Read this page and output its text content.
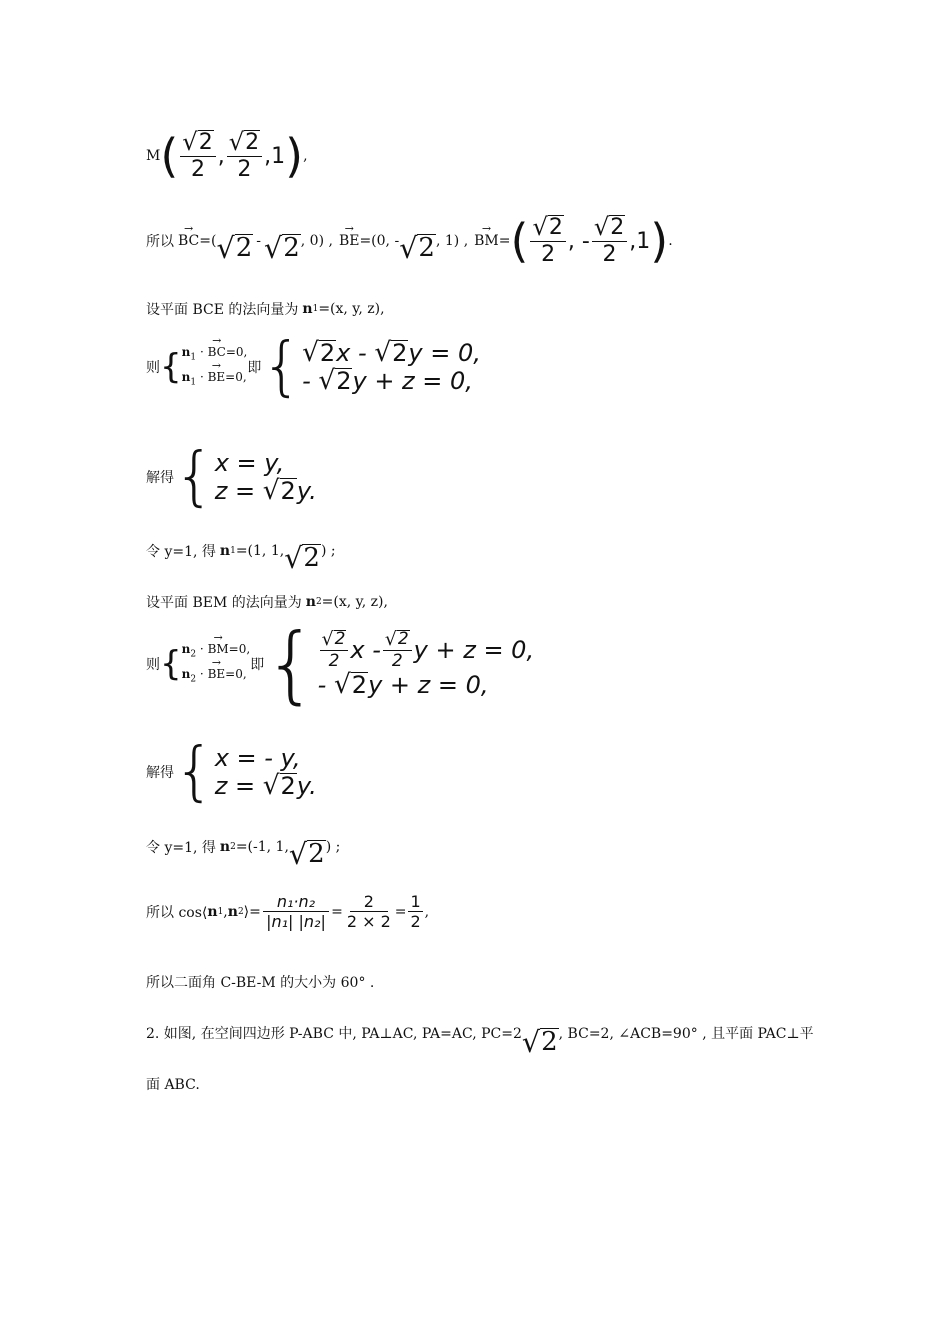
M ( $\frac{√ 2}{2}$ , $\frac{√ 2}{2} ,1$ ) ,
所以 → BC =( √ 2 - √ 2 , 0) , → BE =(0, - √ 2 , 1) , → BM = ( $\frac{√ 2}{2}$ , - $\frac{√ 2}{2} ,1$ ) .
设平面 BCE 的法向量为 n 1 =(x, y, z),
则 { $n_1$ · → BC=0,
$n_1$ · → BE=0,
即 { √ 2 x - √ 2 y = 0,
- √ 2 y + z = 0,
解得 { x = y,
z = √ 2 y.
令 y=1, 得 n 1 =(1, 1, √ 2 ) ;
设平面 BEM 的法向量为 n 2 =(x, y, z),
则 { $n_2$ · → BM=0,
$n_2$ · → BE=0,
即 { $\frac{√ 2}{2}$ x - $\frac{√ 2}{2}$ y + z = 0,
- √ 2 y + z = 0,
解得 { x = - y,
z = √ 2 y.
令 y=1, 得 n 2 =(-1, 1, √ 2 ) ;
所以 cos⟨ n 1 , n 2 ⟩= $\frac{\text{n₁·n₂}}{\text{|n₁| |n₂|}} = \frac{2}{2 \times 2} = \frac{1}{2}$ ,
所以二面角 C-BE-M 的大小为 60° .
2. 如图, 在空间四边形 P-ABC 中, PA⊥AC, PA=AC, PC=2 √ 2 , BC=2, ∠ACB=90° , 且平面 PAC⊥平
面 ABC.
